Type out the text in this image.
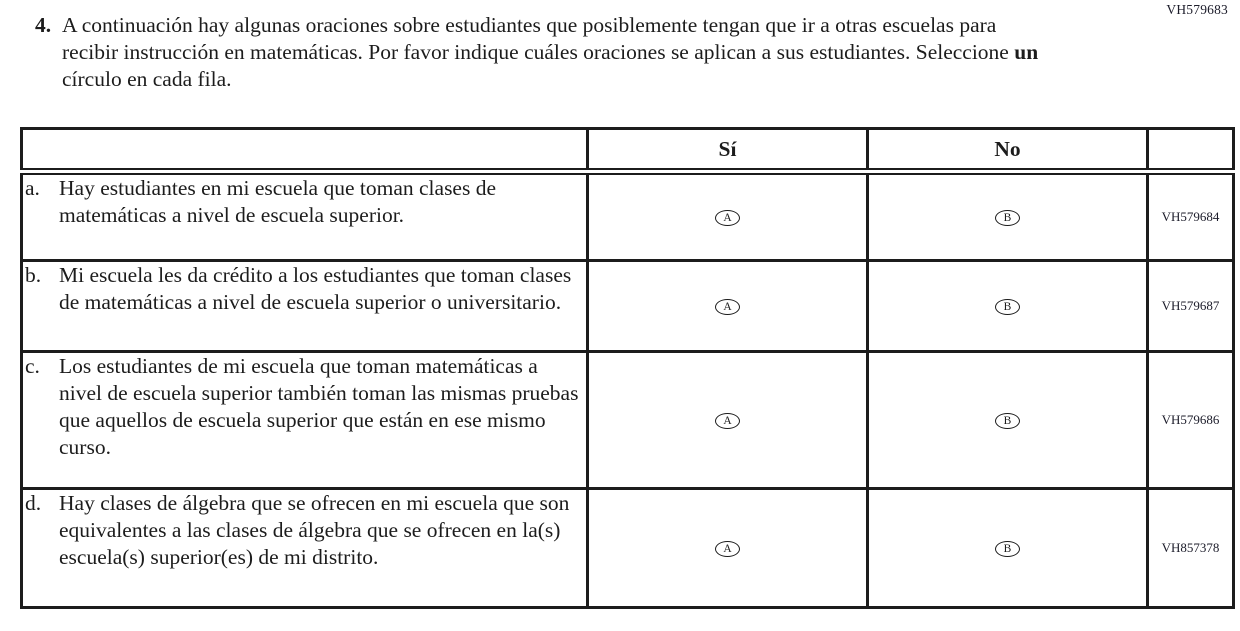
VH579683
4. A continuación hay algunas oraciones sobre estudiantes que posiblemente tengan que ir a otras escuelas para recibir instrucción en matemáticas. Por favor indique cuáles oraciones se aplican a sus estudiantes. Seleccione un círculo en cada fila.
	Sí	No	

a. Hay estudiantes en mi escuela que toman clases de matemáticas a nivel de escuela superior.	A	B	VH579684

b. Mi escuela les da crédito a los estudiantes que toman clases de matemáticas a nivel de escuela superior o universitario.	A	B	VH579687

c. Los estudiantes de mi escuela que toman matemáticas a nivel de escuela superior también toman las mismas pruebas que aquellos de escuela superior que están en ese mismo curso.	A	B	VH579686

d. Hay clases de álgebra que se ofrecen en mi escuela que son equivalentes a las clases de álgebra que se ofrecen en la(s) escuela(s) superior(es) de mi distrito.	A	B	VH857378
